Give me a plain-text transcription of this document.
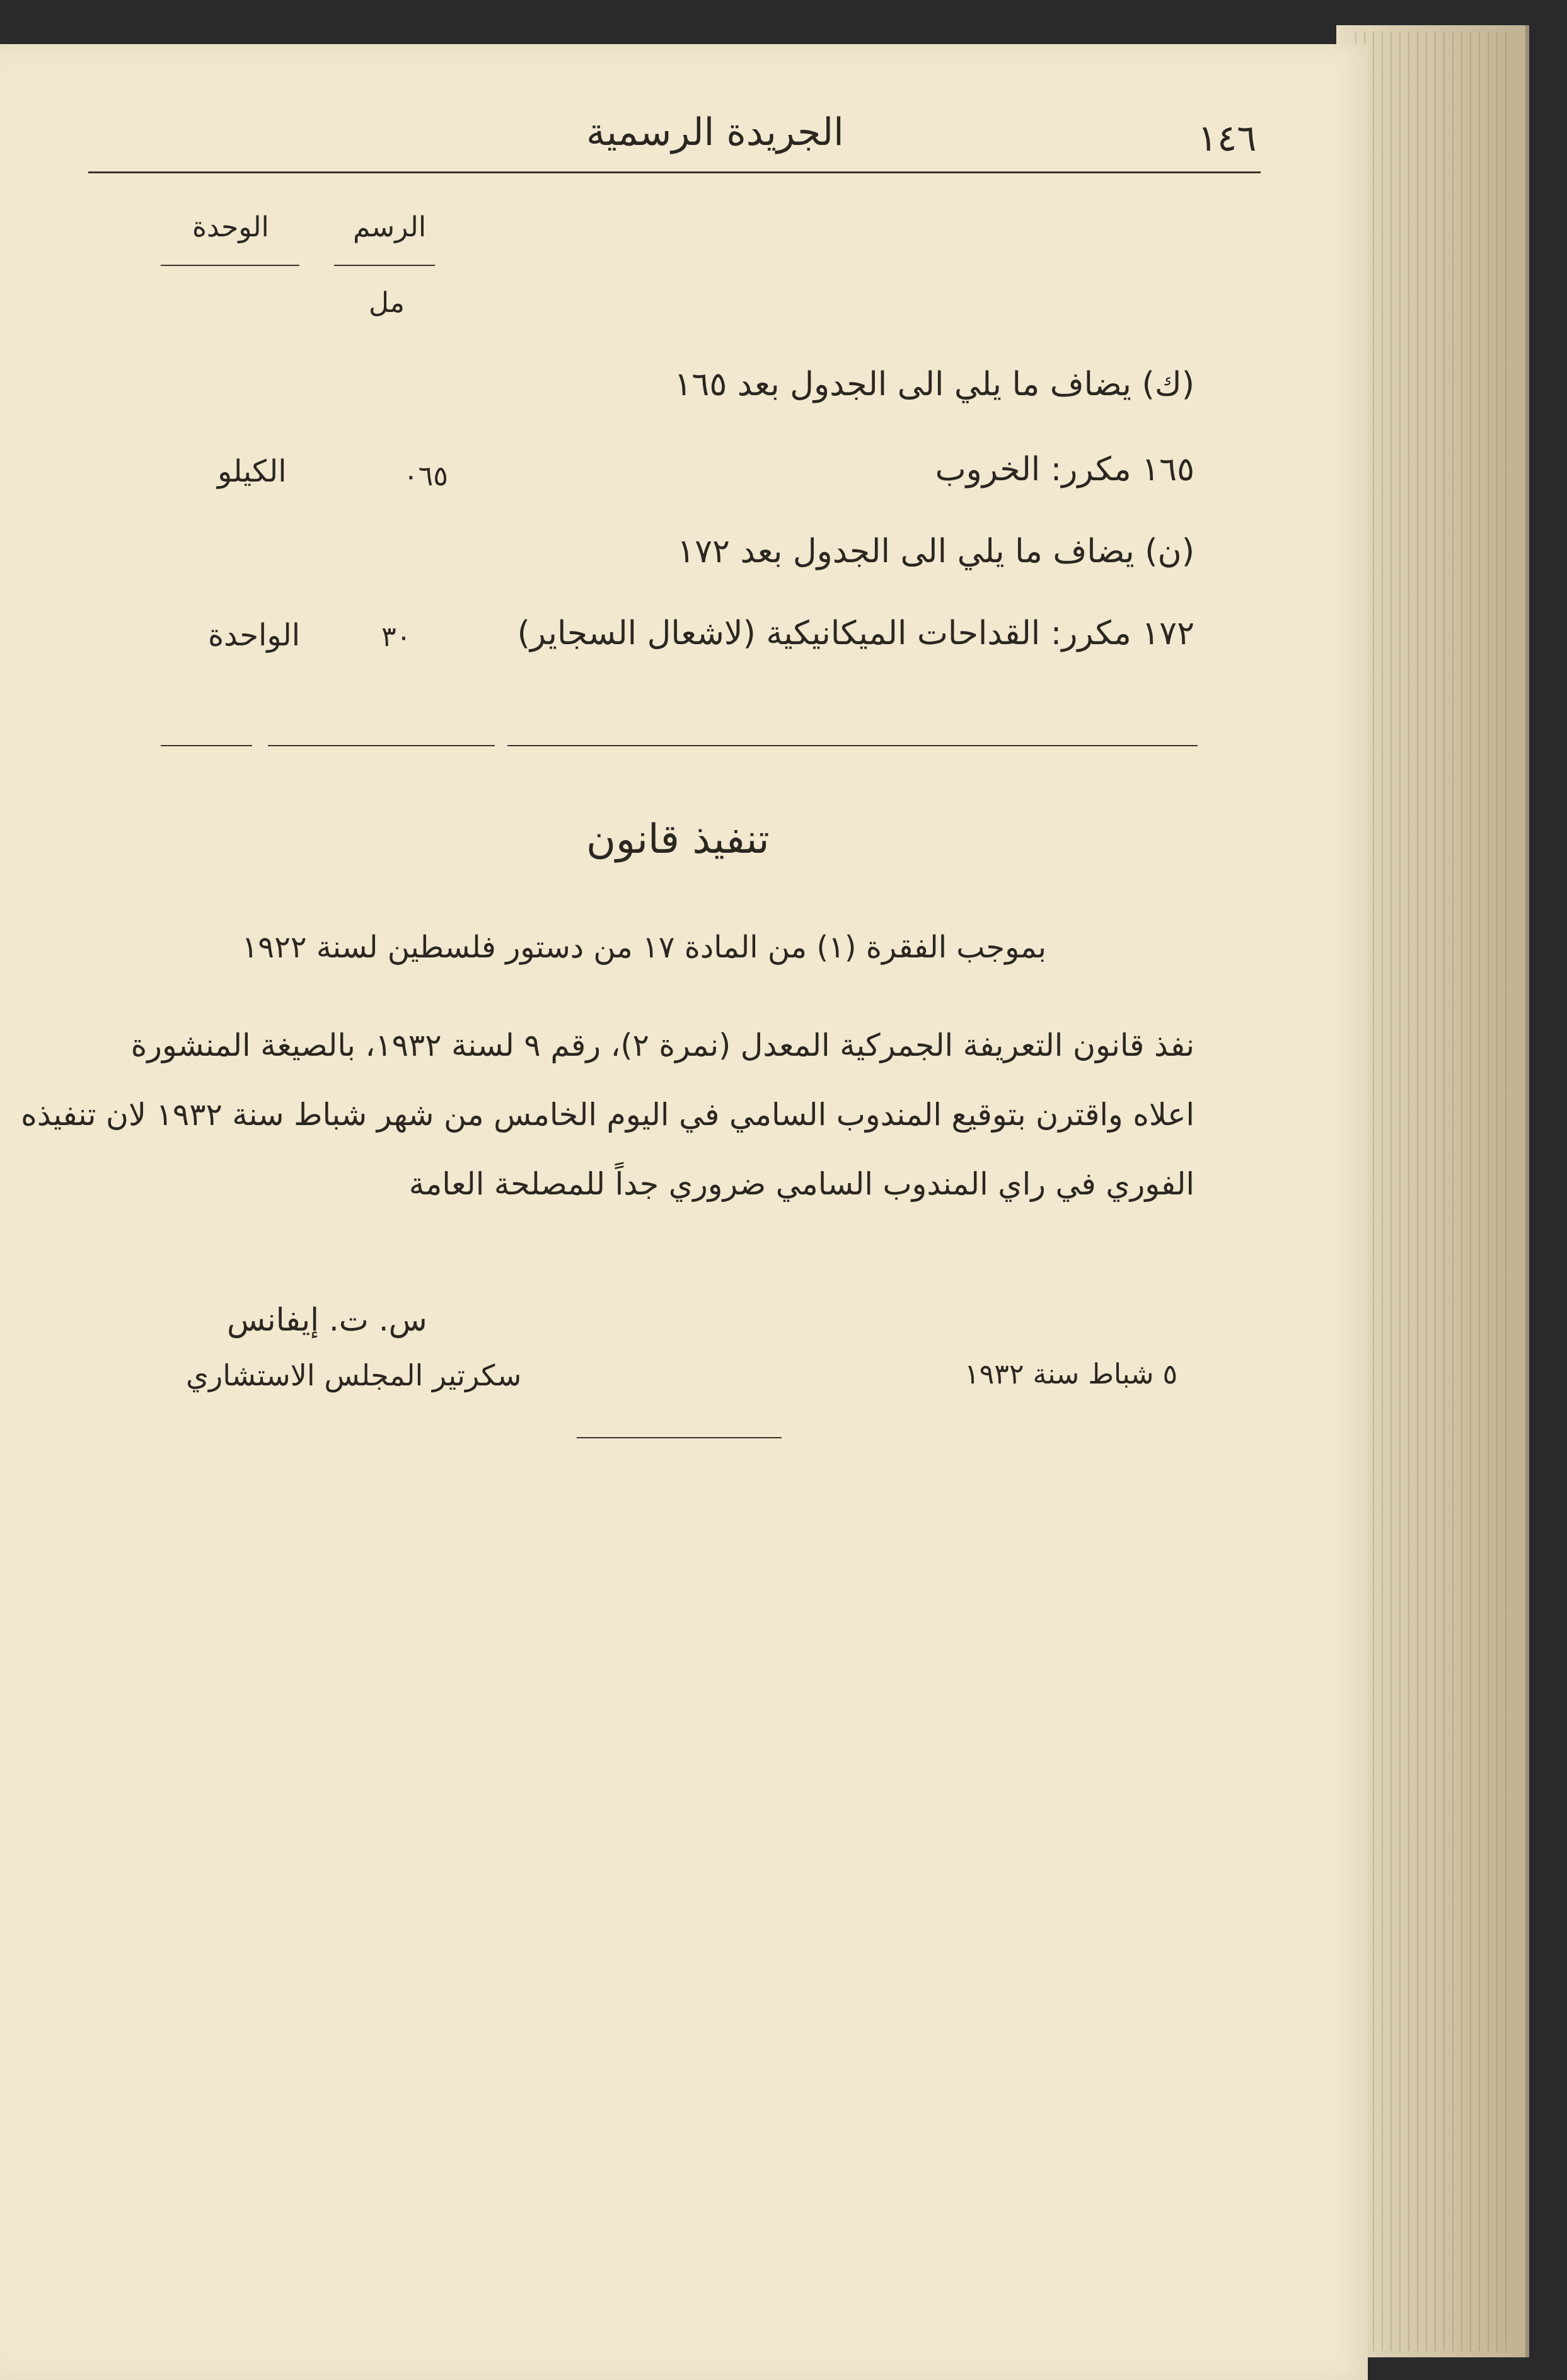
١٤٦
الجريدة الرسمية
الرسم
الوحدة
مل
(ك) يضاف ما يلي الى الجدول بعد ١٦٥
١٦٥ مكرر: الخروب
٠٦٥
الكيلو
(ن) يضاف ما يلي الى الجدول بعد ١٧٢
١٧٢ مكرر: القداحات الميكانيكية (لاشعال السجاير)
٣٠
الواحدة
تنفيذ قانون
بموجب الفقرة (١) من المادة ١٧ من دستور فلسطين لسنة ١٩٢٢
نفذ قانون التعريفة الجمركية المعدل (نمرة ٢)، رقم ٩ لسنة ١٩٣٢، بالصيغة المنشورة
اعلاه واقترن بتوقيع المندوب السامي في اليوم الخامس من شهر شباط سنة ١٩٣٢ لان تنفيذه
الفوري في راي المندوب السامي ضروري جداً للمصلحة العامة
س. ت. إيفانس
سكرتير المجلس الاستشاري	٥ شباط سنة ١٩٣٢
